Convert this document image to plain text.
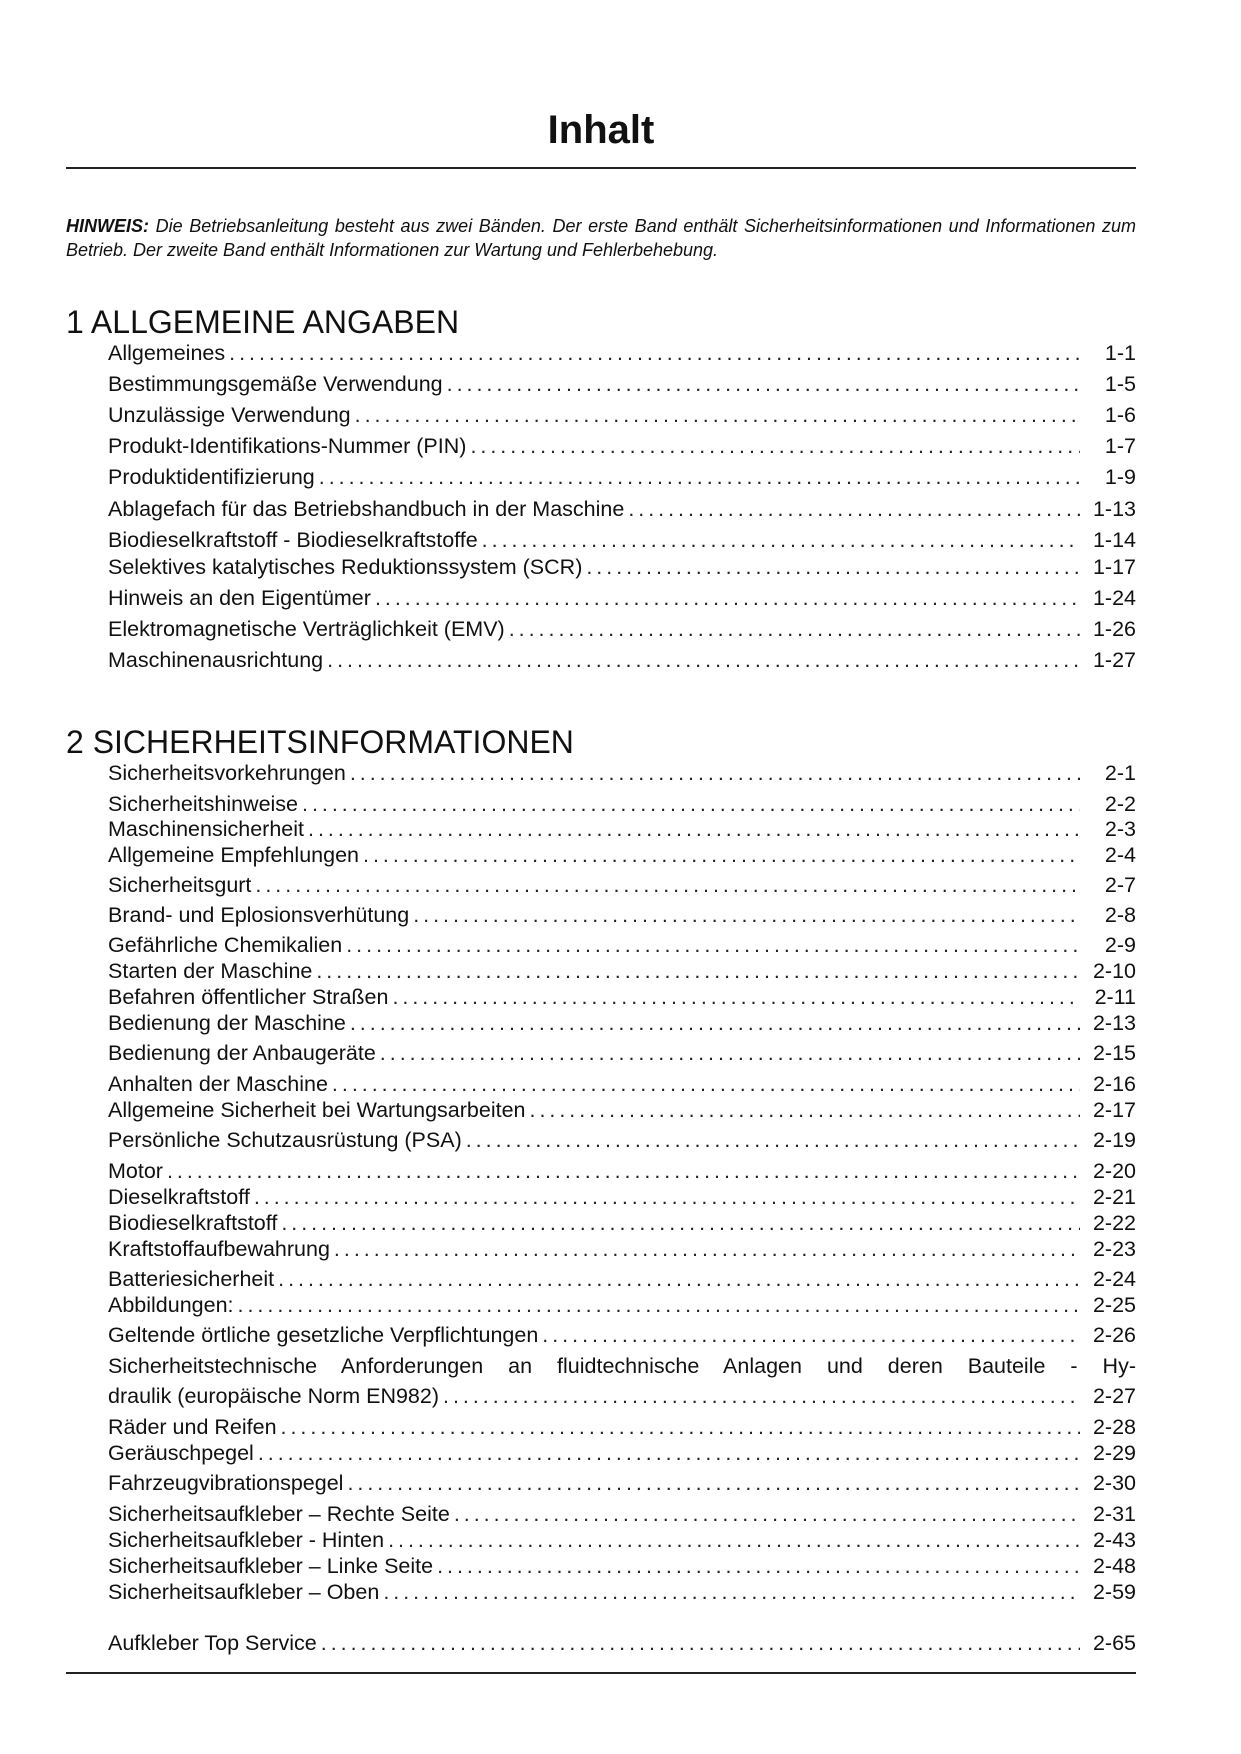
Inhalt
HINWEIS: Die Betriebsanleitung besteht aus zwei Bänden. Der erste Band enthält Sicherheitsinformationen und Informationen zum Betrieb. Der zweite Band enthält Informationen zur Wartung und Fehlerbehebung.
1 ALLGEMEINE ANGABEN
Allgemeines . . .	1-1
Bestimmungsgemäße Verwendung . . .	1-5
Unzulässige Verwendung . . .	1-6
Produkt-Identifikations-Nummer (PIN) . . .	1-7
Produktidentifizierung . . .	1-9
Ablagefach für das Betriebshandbuch in der Maschine . . .	1-13
Biodieselkraftstoff - Biodieselkraftstoffe . . .	1-14
Selektives katalytisches Reduktionssystem (SCR) . . .	1-17
Hinweis an den Eigentümer . . .	1-24
Elektromagnetische Verträglichkeit (EMV) . . .	1-26
Maschinenausrichtung . . .	1-27
2 SICHERHEITSINFORMATIONEN
Sicherheitsvorkehrungen . . .	2-1
Sicherheitshinweise . . .	2-2
Maschinensicherheit . . .	2-3
Allgemeine Empfehlungen . . .	2-4
Sicherheitsgurt . . .	2-7
Brand- und Eplosionsverhütung . . .	2-8
Gefährliche Chemikalien . . .	2-9
Starten der Maschine . . .	2-10
Befahren öffentlicher Straßen . . .	2-11
Bedienung der Maschine . . .	2-13
Bedienung der Anbaugeräte . . .	2-15
Anhalten der Maschine . . .	2-16
Allgemeine Sicherheit bei Wartungsarbeiten . . .	2-17
Persönliche Schutzausrüstung (PSA) . . .	2-19
Motor . . .	2-20
Dieselkraftstoff . . .	2-21
Biodieselkraftstoff . . .	2-22
Kraftstoffaufbewahrung . . .	2-23
Batteriesicherheit . . .	2-24
Abbildungen: . . .	2-25
Geltende örtliche gesetzliche Verpflichtungen . . .	2-26
Sicherheitstechnische Anforderungen an fluidtechnische Anlagen und deren Bauteile - Hy-
draulik (europäische Norm EN982) . . .	2-27
Räder und Reifen . . .	2-28
Geräuschpegel . . .	2-29
Fahrzeugvibrationspegel . . .	2-30
Sicherheitsaufkleber – Rechte Seite . . .	2-31
Sicherheitsaufkleber - Hinten . . .	2-43
Sicherheitsaufkleber – Linke Seite . . .	2-48
Sicherheitsaufkleber – Oben . . .	2-59
Aufkleber Top Service . . .	2-65
